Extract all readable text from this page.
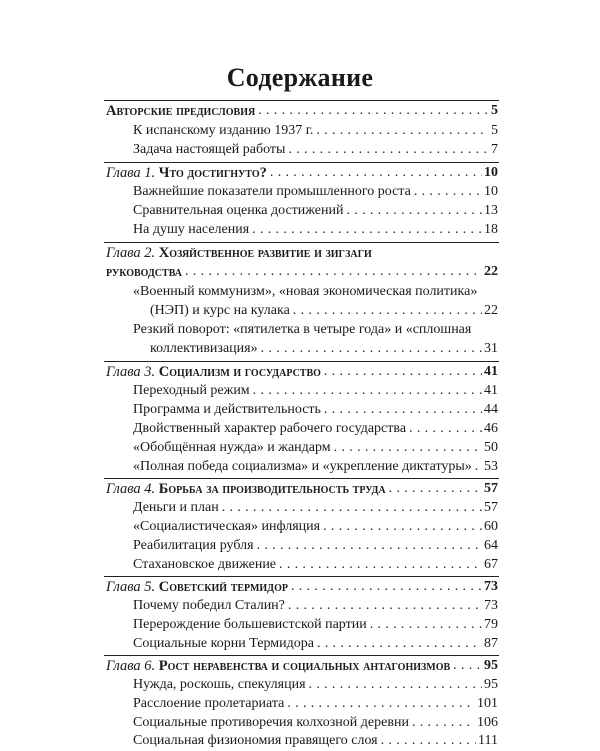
Содержание
Авторские предисловия . . .	5
К испанскому изданию 1937 г. . . .	5
Задача настоящей работы . . .	7
Глава 1. Что достигнуто? . . .	10
Важнейшие показатели промышленного роста . . .	10
Сравнительная оценка достижений . . .	13
На душу населения . . .	18
Глава 2. Хозяйственное развитие и зигзаги
руководства . . .	22
«Военный коммунизм», «новая экономическая политика»
(НЭП) и курс на кулака . . .	22
Резкий поворот: «пятилетка в четыре года» и «сплошная
коллективизация» . . .	31
Глава 3. Социализм и государство . . .	41
Переходный режим . . .	41
Программа и действительность . . .	44
Двойственный характер рабочего государства . . .	46
«Обобщённая нужда» и жандарм . . .	50
«Полная победа социализма» и «укрепление диктатуры» . . . 53
Глава 4. Борьба за производительность труда . . .	57
Деньги и план . . .	57
«Социалистическая» инфляция . . .	60
Реабилитация рубля . . .	64
Стахановское движение . . .	67
Глава 5. Советский термидор . . .	73
Почему победил Сталин? . . .	73
Перерождение большевистской партии . . .	79
Социальные корни Термидора . . .	87
Глава 6. Рост неравенства и социальных антагонизмов . . . 95
Нужда, роскошь, спекуляция . . .	95
Расслоение пролетариата . . .	101
Социальные противоречия колхозной деревни . . .	106
Социальная физиономия правящего слоя . . .	111
